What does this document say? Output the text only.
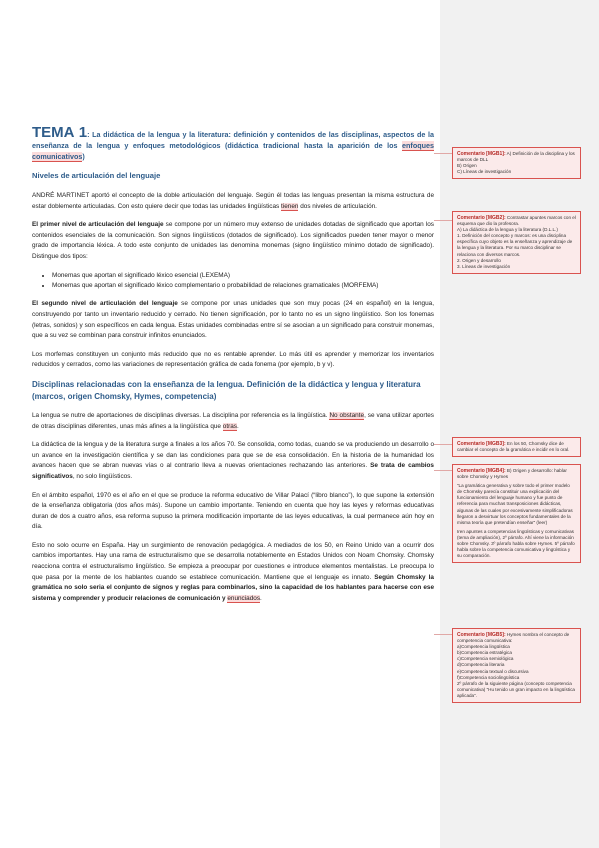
TEMA 1: La didáctica de la lengua y la literatura: definición y contenidos de las disciplinas, aspectos de la enseñanza de la lengua y enfoques metodológicos (didáctica tradicional hasta la aparición de los enfoques comunicativos)

Niveles de articulación del lenguaje

ANDRÉ MARTINET aportó el concepto de la doble articulación del lenguaje. Según él todas las lenguas presentan la misma estructura de estar doblemente articuladas. Con esto quiere decir que todas las unidades lingüísticas tienen dos niveles de articulación.

El primer nivel de articulación del lenguaje se compone por un número muy extenso de unidades dotadas de significado que aportan los contenidos esenciales de la comunicación. Son signos lingüísticos (dotados de significado). Los significados pueden tener mayor o menor grado de importancia léxica. A todo este conjunto de unidades las denomina monemas (signo lingüístico mínimo dotado de significado). Distingue dos tipos:

• Monemas que aportan el significado léxico esencial (LEXEMA)
• Monemas que aportan el significado léxico complementario o probabilidad de relaciones gramaticales (MORFEMA)

El segundo nivel de articulación del lenguaje se compone por unas unidades que son muy pocas (24 en español) en la lengua, construyendo por tanto un inventario reducido y cerrado. No tienen significación, por lo tanto no es un signo lingüístico. Son los fonemas (letras, sonidos) y son específicos en cada lengua. Estas unidades combinadas entre sí se asocian a un significado para construir monemas, que a su vez se combinan para construir infinitos enunciados.

Los morfemas constituyen un conjunto más reducido que no es rentable aprender. Lo más útil es aprender y memorizar los inventarios reducidos y cerrados, como las variaciones de representación gráfica de cada fonema (por ejemplo, b y v).

Disciplinas relacionadas con la enseñanza de la lengua. Definición de la didáctica y lengua y literatura (marcos, origen Chomsky, Hymes, competencia)

La lengua se nutre de aportaciones de disciplinas diversas. La disciplina por referencia es la lingüística. No obstante, se vana utilizar aportes de otras disciplinas diferentes, unas más afines a la lingüística que otras.

La didáctica de la lengua y de la literatura surge a finales a los años 70. Se consolida, como todas, cuando se va produciendo un desarrollo o un avance en la investigación científica y se dan las condiciones para que se de esa consolidación. En la historia de la humanidad los avances hacen que se abran nuevas vías o al contrario lleva a nuevas orientaciones rechazando las anteriores. Se trata de cambios significativos, no solo lingüísticos.

En el ámbito español, 1970 es el año en el que se produce la reforma educativo de Villar Palací (“libro blanco”), lo que supone la extensión de la enseñanza obligatoria (dos años más). Supone un cambio importante. Teniendo en cuenta que hoy las leyes y reformas educativas duran de dos a cuatro años, esa reforma supuso la primera modificación importante de las leyes educativas, la cual permanece aún hoy en día.

Esto no solo ocurre en España. Hay un surgimiento de renovación pedagógica. A mediados de los 50, en Reino Unido van a ocurrir dos cambios importantes. Hay una rama de estructuralismo que se desarrolla notablemente en Estados Unidos con Noam Chomsky. Chomsky reacciona contra el estructuralismo lingüístico. Se empieza a preocupar por cuestiones e introduce elementos mentalistas. Le preocupa lo que pasa por la mente de los hablantes cuando se establece comunicación. Mantiene que el lenguaje es innato. Según Chomsky la gramática no solo seria el conjunto de signos y reglas para combinarlos, sino la capacidad de los hablantes para hacerse con ese sistema y comprender y producir relaciones de comunicación y enunciados.

Comentario [MGB1]: A) Definición de la disciplina y los marcos de DLL

B) Origen

C) Líneas de investigación

Comentario [MGB2]: Contrastar apuntes marcos con el esquema que dio la profesora.

A) La didáctica de la lengua y la literatura (D.L.L.)

1. Definición del concepto y marcos: es una disciplina específica cuyo objeto es la enseñanza y aprendizaje de la lengua y la literatura. Por su marco disciplinar se relaciona con diversos marcos.

2. Origen y desarrollo

3. Líneas de investigación

Comentario [MGB3]: En los 50, Chomsky dice de cambiar el concepto de la gramática e incidir en lo oral.

Comentario [MGB4]: B) Origen y desarrollo: hablar sobre Chomsky y Hymes

“La gramática generativa y sobre todo el primer modelo de Chomsky parecía constituir una explicación del funcionamiento del lenguaje humano y fue punto de referencia para muchas transposiciones didácticas, algunas de las cuales por excesivamente simplificadoras llegaron a desvirtuar los conceptos fundamentales de la misma teoría que pretendían enseñar” (leer)

Iren apuntes a competencias lingüísticas y comunicativas (tema de ampliación), 2º párrafo. Ahí viene la información sobre Chomsky. 3º párrafo habla sobre Hymes. 5º párrafo habla sobre la competencia comunicativa y lingüística y su comparación.

Comentario [MGB5]: Hymes nombra el concepto de competencia comunicativa:

a)Competencia lingüística

b)Competencia estratégica

c)Competencia semiológica

d)Competencia literaria

e)Competencia textual o discursiva

f)Competencia sociolingüística

2º párrafo de la siguiente página (concepto competencia comunicativa) “Hu tenido un gran impacto en la lingüística aplicada”.
